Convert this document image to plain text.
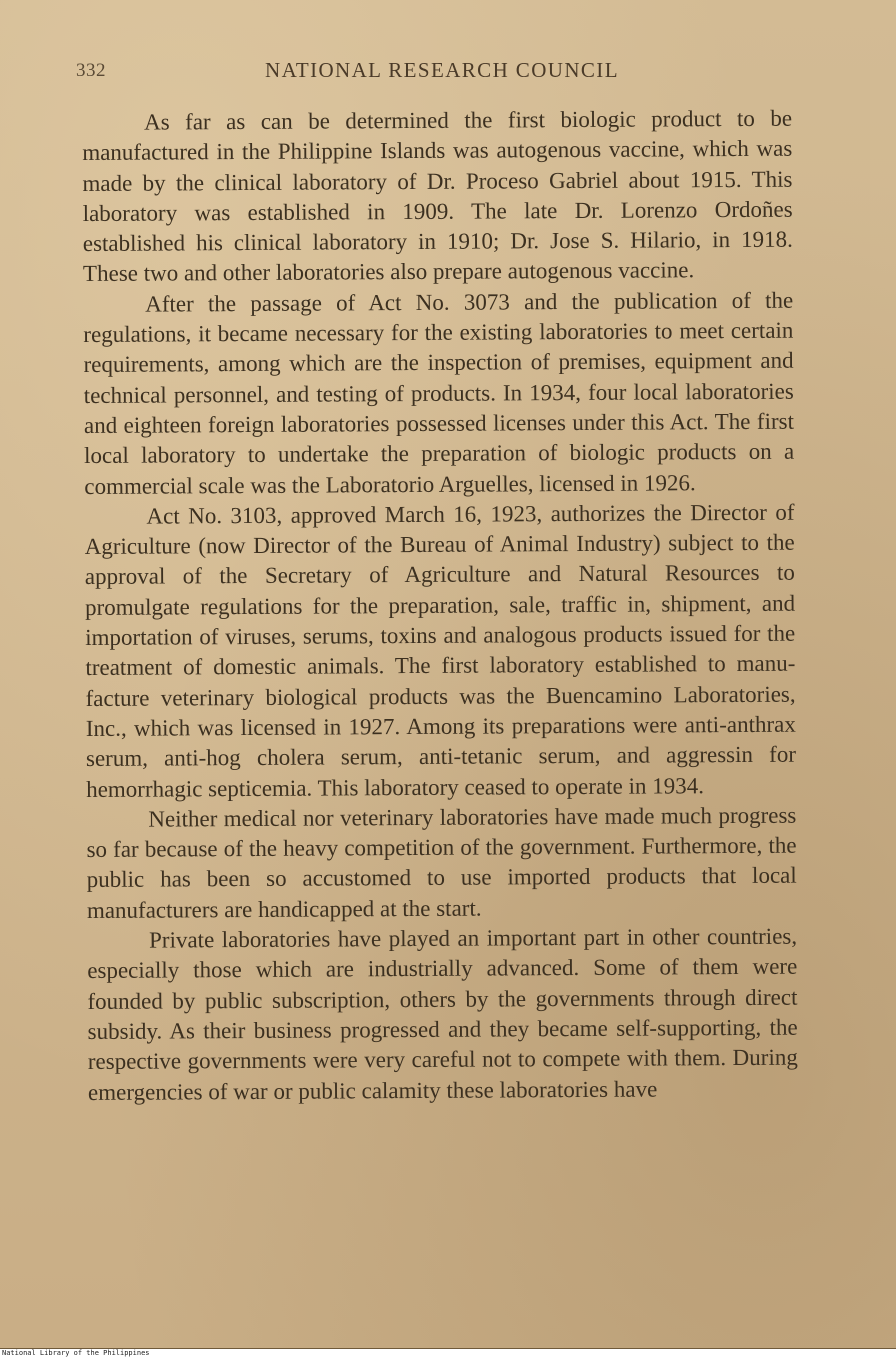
332	NATIONAL RESEARCH COUNCIL

As far as can be determined the first biologic product to be manufactured in the Philippine Islands was autogenous vaccine, which was made by the clinical laboratory of Dr. Proceso Gabriel about 1915. This laboratory was established in 1909. The late Dr. Lorenzo Ordoñes established his clinical laboratory in 1910; Dr. Jose S. Hilario, in 1918. These two and other laboratories also prepare autogenous vaccine.

After the passage of Act No. 3073 and the publication of the regulations, it became necessary for the existing laboratories to meet certain requirements, among which are the inspection of premises, equipment and technical personnel, and testing of products. In 1934, four local laboratories and eighteen foreign laboratories possessed licenses under this Act. The first local laboratory to undertake the preparation of biologic products on a commercial scale was the Laboratorio Arguelles, licensed in 1926.

Act No. 3103, approved March 16, 1923, authorizes the Director of Agriculture (now Director of the Bureau of Animal Industry) subject to the approval of the Secretary of Agriculture and Natural Resources to promulgate regulations for the preparation, sale, traffic in, shipment, and importation of viruses, serums, toxins and analogous products issued for the treatment of domestic animals. The first laboratory established to manufacture veterinary biological products was the Buencamino Laboratories, Inc., which was licensed in 1927. Among its preparations were anti-anthrax serum, anti-hog cholera serum, anti-tetanic serum, and aggressin for hemorrhagic septicemia. This laboratory ceased to operate in 1934.

Neither medical nor veterinary laboratories have made much progress so far because of the heavy competition of the government. Furthermore, the public has been so accustomed to use imported products that local manufacturers are handicapped at the start.

Private laboratories have played an important part in other countries, especially those which are industrially advanced. Some of them were founded by public subscription, others by the governments through direct subsidy. As their business progressed and they became self-supporting, the respective governments were very careful not to compete with them. During emergencies of war or public calamity these laboratories have

National Library of the Philippines
